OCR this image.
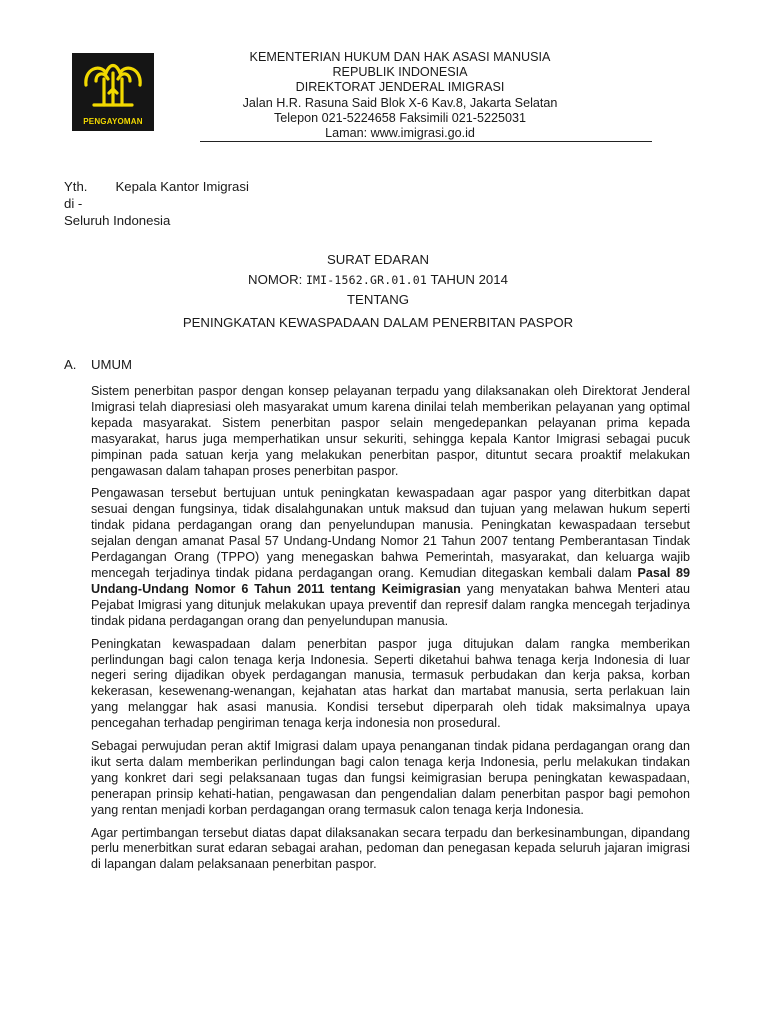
PENGAYOMAN
KEMENTERIAN HUKUM DAN HAK ASASI MANUSIA
REPUBLIK INDONESIA
DIREKTORAT JENDERAL IMIGRASI
Jalan H.R. Rasuna Said Blok X-6 Kav.8, Jakarta Selatan
Telepon 021-5224658 Faksimili 021-5225031
Laman: www.imigrasi.go.id
Yth. Kepala Kantor Imigrasi
di -
Seluruh Indonesia
SURAT EDARAN
NOMOR: IMI-1562.GR.01.01 TAHUN 2014
TENTANG
PENINGKATAN KEWASPADAAN DALAM PENERBITAN PASPOR
A. UMUM

Sistem penerbitan paspor dengan konsep pelayanan terpadu yang dilaksanakan oleh Direktorat Jenderal Imigrasi telah diapresiasi oleh masyarakat umum karena dinilai telah memberikan pelayanan yang optimal kepada masyarakat. Sistem penerbitan paspor selain mengedepankan pelayanan prima kepada masyarakat, harus juga memperhatikan unsur sekuriti, sehingga kepala Kantor Imigrasi sebagai pucuk pimpinan pada satuan kerja yang melakukan penerbitan paspor, dituntut secara proaktif melakukan pengawasan dalam tahapan proses penerbitan paspor.

Pengawasan tersebut bertujuan untuk peningkatan kewaspadaan agar paspor yang diterbitkan dapat sesuai dengan fungsinya, tidak disalahgunakan untuk maksud dan tujuan yang melawan hukum seperti tindak pidana perdagangan orang dan penyelundupan manusia. Peningkatan kewaspadaan tersebut sejalan dengan amanat Pasal 57 Undang-Undang Nomor 21 Tahun 2007 tentang Pemberantasan Tindak Perdagangan Orang (TPPO) yang menegaskan bahwa Pemerintah, masyarakat, dan keluarga wajib mencegah terjadinya tindak pidana perdagangan orang. Kemudian ditegaskan kembali dalam Pasal 89 Undang-Undang Nomor 6 Tahun 2011 tentang Keimigrasian yang menyatakan bahwa Menteri atau Pejabat Imigrasi yang ditunjuk melakukan upaya preventif dan represif dalam rangka mencegah terjadinya tindak pidana perdagangan orang dan penyelundupan manusia.

Peningkatan kewaspadaan dalam penerbitan paspor juga ditujukan dalam rangka memberikan perlindungan bagi calon tenaga kerja Indonesia. Seperti diketahui bahwa tenaga kerja Indonesia di luar negeri sering dijadikan obyek perdagangan manusia, termasuk perbudakan dan kerja paksa, korban kekerasan, kesewenang-wenangan, kejahatan atas harkat dan martabat manusia, serta perlakuan lain yang melanggar hak asasi manusia. Kondisi tersebut diperparah oleh tidak maksimalnya upaya pencegahan terhadap pengiriman tenaga kerja indonesia non prosedural.

Sebagai perwujudan peran aktif Imigrasi dalam upaya penanganan tindak pidana perdagangan orang dan ikut serta dalam memberikan perlindungan bagi calon tenaga kerja Indonesia, perlu melakukan tindakan yang konkret dari segi pelaksanaan tugas dan fungsi keimigrasian berupa peningkatan kewaspadaan, penerapan prinsip kehati-hatian, pengawasan dan pengendalian dalam penerbitan paspor bagi pemohon yang rentan menjadi korban perdagangan orang termasuk calon tenaga kerja Indonesia.

Agar pertimbangan tersebut diatas dapat dilaksanakan secara terpadu dan berkesinambungan, dipandang perlu menerbitkan surat edaran sebagai arahan, pedoman dan penegasan kepada seluruh jajaran imigrasi di lapangan dalam pelaksanaan penerbitan paspor.
